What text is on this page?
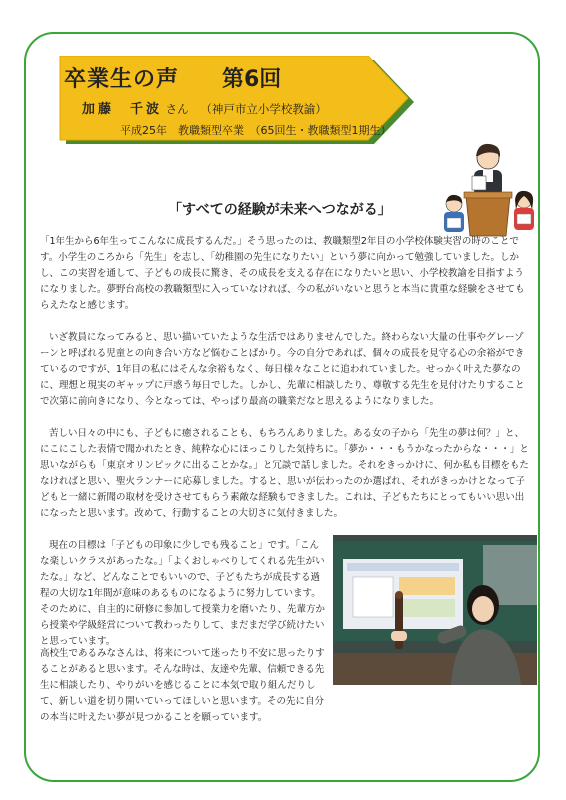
卒業生の声 第6回
加藤　千波 さん （神戸市立小学校教諭）
平成25年　教職類型卒業　（65回生・教職類型1期生）
「すべての経験が未来へつながる」

「1年生から6年生ってこんなに成長するんだ。」そう思ったのは、教職類型2年目の小学校体験実習の時のことです。小学生のころから「先生」を志し、「幼稚園の先生になりたい」という夢に向かって勉強していました。しかし、この実習を通して、子どもの成長に驚き、その成長を支える存在になりたいと思い、小学校教諭を目指すようになりました。夢野台高校の教職類型に入っていなければ、今の私がいないと思うと本当に貴重な経験をさせてもらえたなと感じます。

いざ教員になってみると、思い描いていたような生活ではありませんでした。終わらない大量の仕事やグレーゾーンと呼ばれる児童との向き合い方など悩むことばかり。今の自分であれば、個々の成長を見守る心の余裕ができているのですが、1年目の私にはそんな余裕もなく、毎日様々なことに追われていました。せっかく叶えた夢なのに、理想と現実のギャップに戸惑う毎日でした。しかし、先輩に相談したり、尊敬する先生を見付けたりすることで次第に前向きになり、今となっては、やっぱり最高の職業だなと思えるようになりました。

苦しい日々の中にも、子どもに癒されることも、もちろんありました。ある女の子から「先生の夢は何？」と、にこにこした表情で聞かれたとき、純粋な心にほっこりした気持ちに。「夢か・・・もうかなったからな・・・」と思いながらも「東京オリンピックに出ることかな。」と冗談で話しました。それをきっかけに、何か私も目標をもたなければと思い、聖火ランナーに応募しました。すると、思いが伝わったのか選ばれ、それがきっかけとなって子どもと一緒に新聞の取材を受けさせてもらう素敵な経験もできました。これは、子どもたちにとってもいい思い出になったと思います。改めて、行動することの大切さに気付きました。

現在の目標は「子どもの印象に少しでも残ること」です。「こんな楽しいクラスがあったな。」「よくおしゃべりしてくれる先生がいたな。」など、どんなことでもいいので、子どもたちが成長する過程の大切な1年間が意味のあるものになるように努力しています。そのために、自主的に研修に参加して授業力を磨いたり、先輩方から授業や学級経営について教わったりして、まだまだ学び続けたいと思っています。

高校生であるみなさんは、将来について迷ったり不安に思ったりすることがあると思います。そんな時は、友達や先輩、信頼できる先生に相談したり、やりがいを感じることに本気で取り組んだりして、新しい道を切り開いていってほしいと思います。その先に自分の本当に叶えたい夢が見つかることを願っています。
